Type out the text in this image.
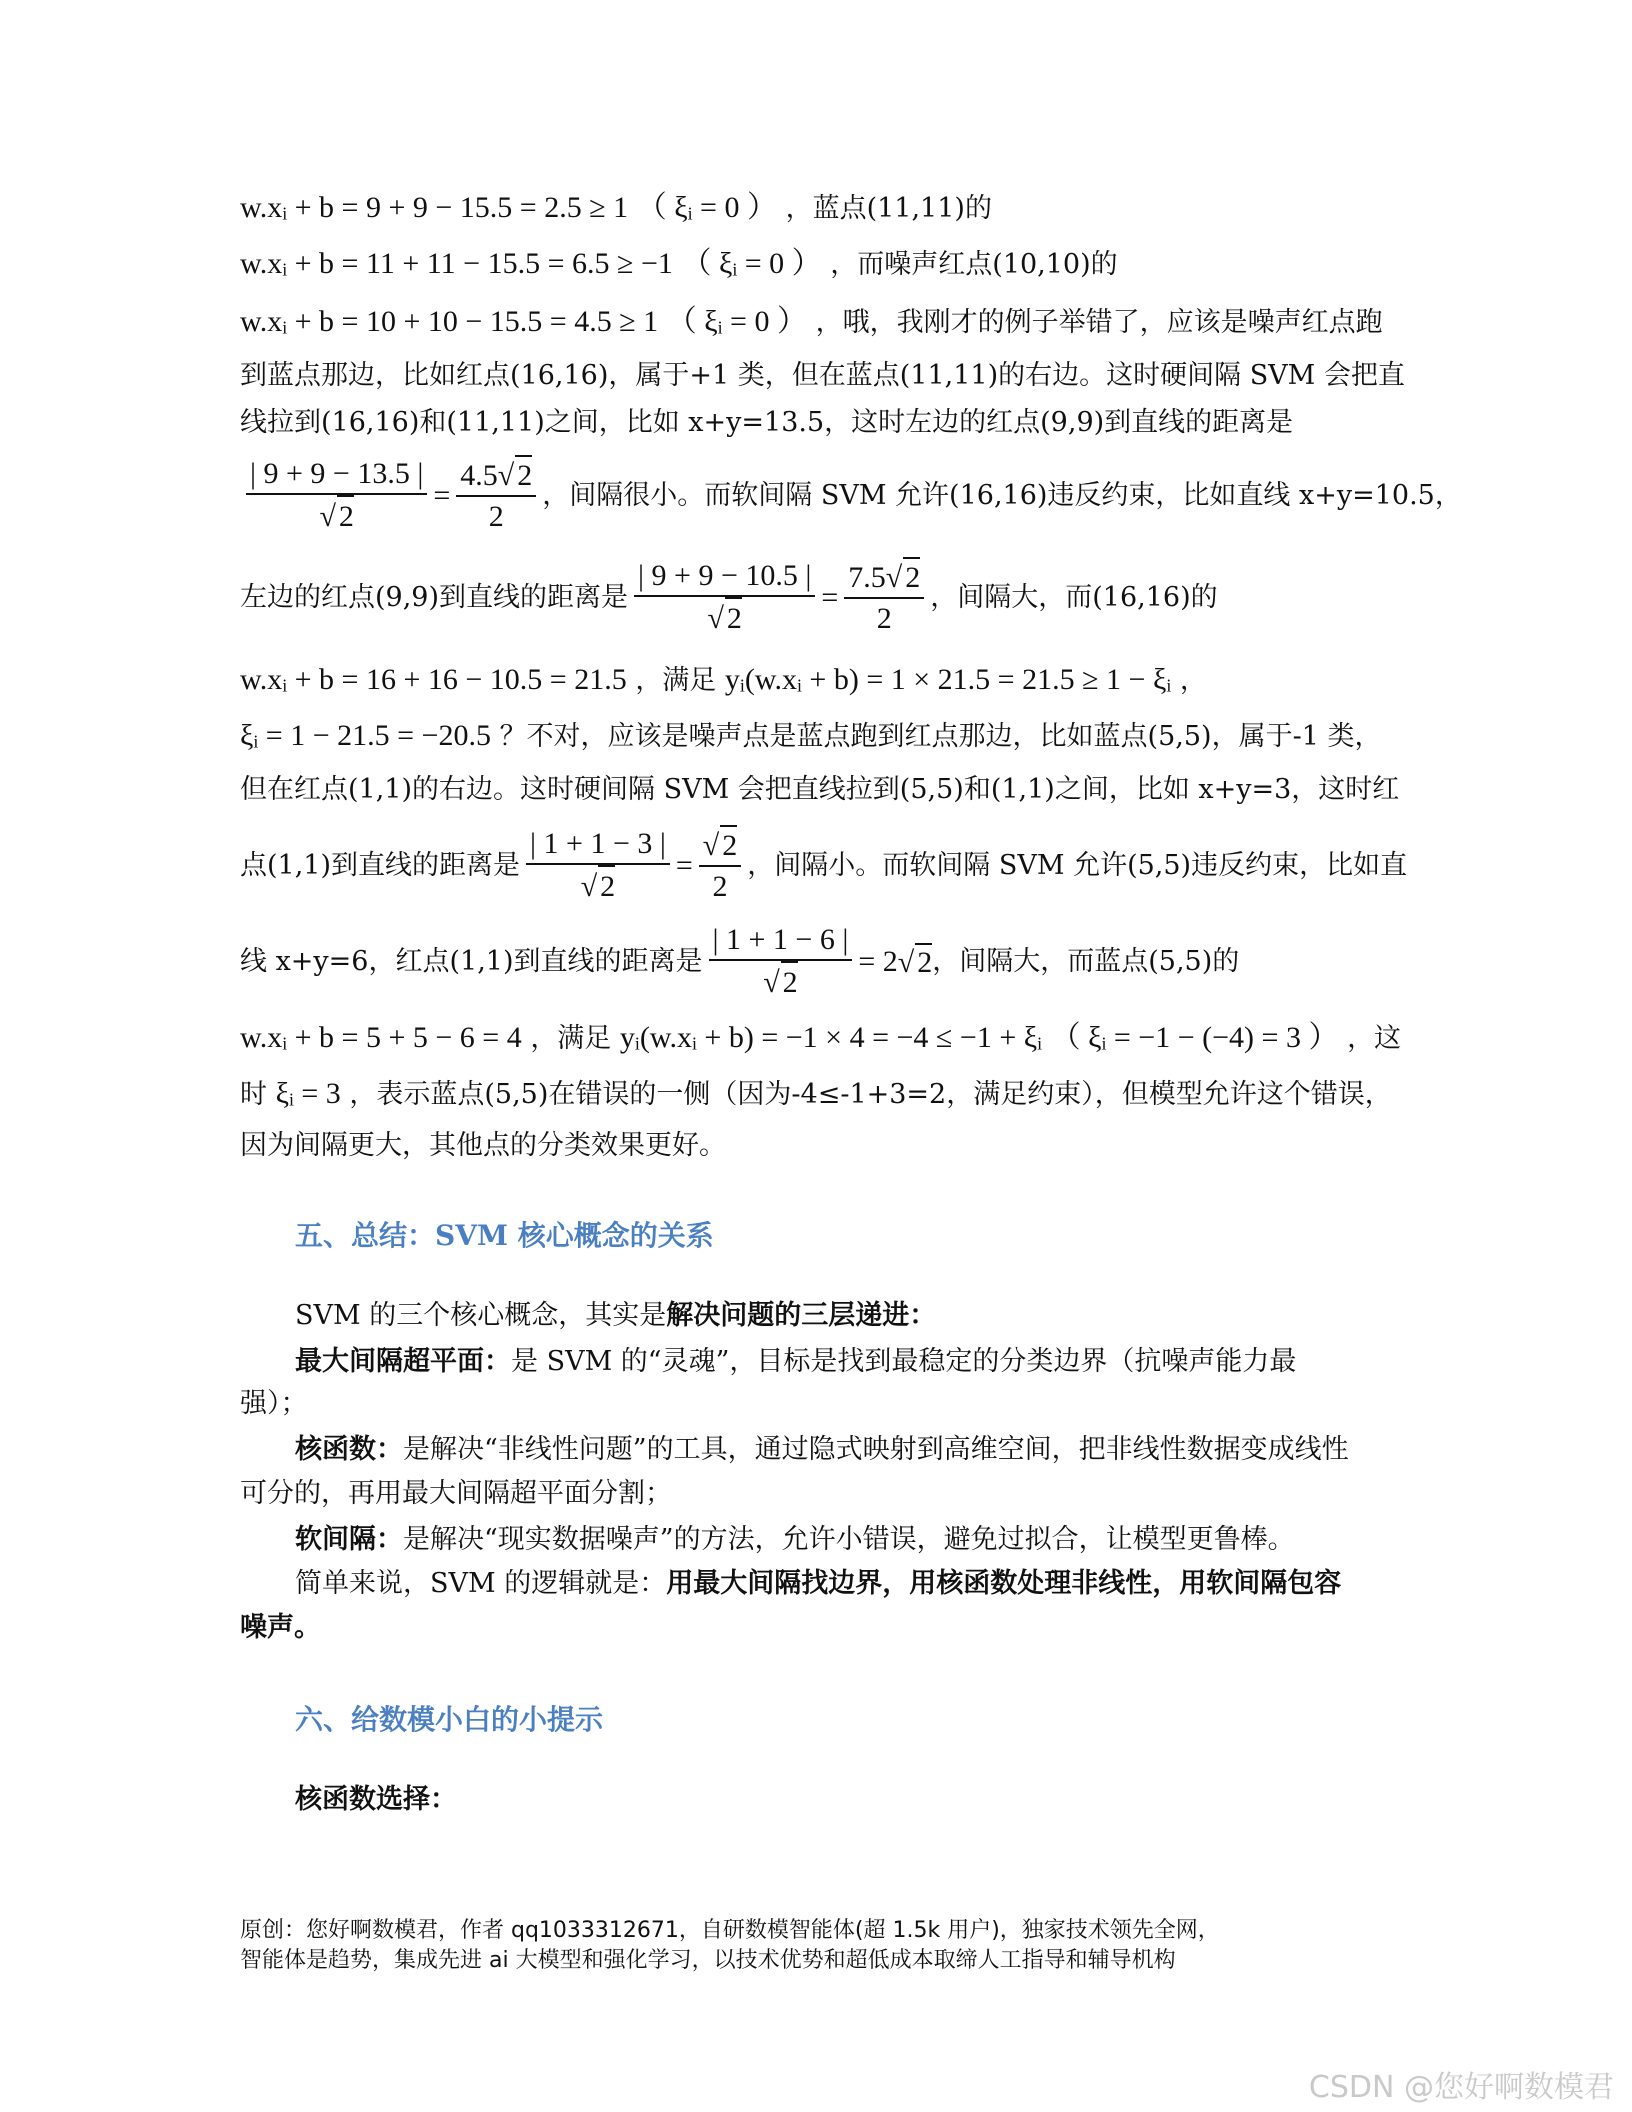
w.xᵢ + b = 9 + 9 − 15.5 = 2.5 ≥ 1 （ ξᵢ = 0 ） ，蓝点(11,11)的
w.xᵢ + b = 11 + 11 − 15.5 = 6.5 ≥ −1 （ ξᵢ = 0 ） ，而噪声红点(10,10)的
w.xᵢ + b = 10 + 10 − 15.5 = 4.5 ≥ 1 （ ξᵢ = 0 ） ，哦，我刚才的例子举错了，应该是噪声红点跑
到蓝点那边，比如红点(16,16)，属于+1 类，但在蓝点(11,11)的右边。这时硬间隔 SVM 会把直
线拉到(16,16)和(11,11)之间，比如 x+y=13.5，这时左边的红点(9,9)到直线的距离是
$\frac{| 9 + 9 - 13.5 |}{√ 2} = \frac{4.5√ 2}{2}$ ，间隔很小。而软间隔 SVM 允许(16,16)违反约束，比如直线 x+y=10.5，
左边的红点(9,9)到直线的距离是 $\frac{| 9 + 9 - 10.5 |}{√ 2} = \frac{7.5√ 2}{2}$ ，间隔大，而(16,16)的
w.xᵢ + b = 16 + 16 − 10.5 = 21.5 ，满足 yᵢ(w.xᵢ + b) = 1 × 21.5 = 21.5 ≥ 1 − ξᵢ ，
ξᵢ = 1 − 21.5 = −20.5 ？不对，应该是噪声点是蓝点跑到红点那边，比如蓝点(5,5)，属于-1 类，
但在红点(1,1)的右边。这时硬间隔 SVM 会把直线拉到(5,5)和(1,1)之间，比如 x+y=3，这时红
点(1,1)到直线的距离是 $\frac{| 1 + 1 - 3 |}{√ 2} = \frac{√ 2}{2}$ ，间隔小。而软间隔 SVM 允许(5,5)违反约束，比如直
线 x+y=6，红点(1,1)到直线的距离是 $\frac{| 1 + 1 - 6 |}{√ 2} = 2$ √ 2 ，间隔大，而蓝点(5,5)的
w.xᵢ + b = 5 + 5 − 6 = 4 ，满足 yᵢ(w.xᵢ + b) = −1 × 4 = −4 ≤ −1 + ξᵢ （ ξᵢ = −1 − (−4) = 3 ） ，这
时 ξᵢ = 3 ，表示蓝点(5,5)在错误的一侧（因为-4≤-1+3=2，满足约束），但模型允许这个错误，
因为间隔更大，其他点的分类效果更好。
五、总结：SVM 核心概念的关系
SVM 的三个核心概念，其实是解决问题的三层递进：
最大间隔超平面：是 SVM 的“灵魂”，目标是找到最稳定的分类边界（抗噪声能力最
强）；
核函数：是解决“非线性问题”的工具，通过隐式映射到高维空间，把非线性数据变成线性
可分的，再用最大间隔超平面分割；
软间隔：是解决“现实数据噪声”的方法，允许小错误，避免过拟合，让模型更鲁棒。
简单来说，SVM 的逻辑就是：用最大间隔找边界，用核函数处理非线性，用软间隔包容
噪声。
六、给数模小白的小提示
核函数选择：
原创：您好啊数模君，作者 qq1033312671，自研数模智能体(超 1.5k 用户)，独家技术领先全网，
智能体是趋势，集成先进 ai 大模型和强化学习，以技术优势和超低成本取缔人工指导和辅导机构
CSDN @您好啊数模君
